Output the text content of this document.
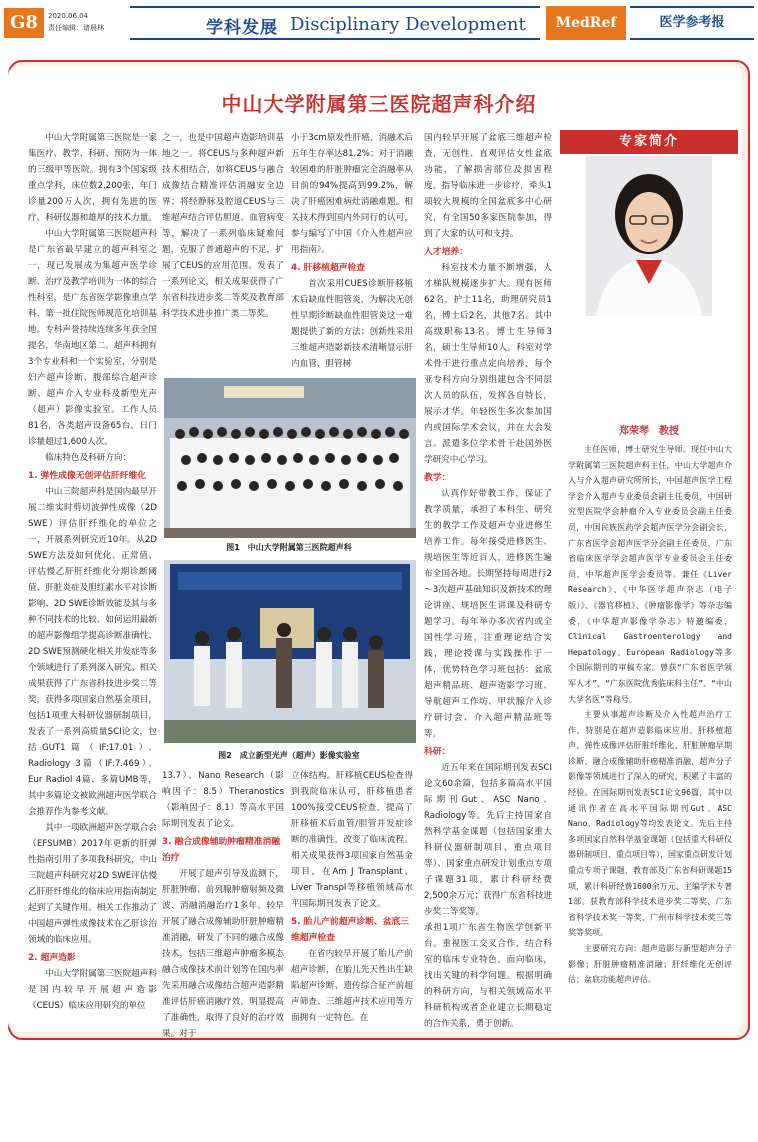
G8	2020.06.04
责任编辑：诸晨林	学科发展 Disciplinary Development	MedRef	医学参考报
中山大学附属第三医院超声科介绍

中山大学附属第三医院是一家集医疗、教学、科研、预防为一体的三级甲等医院。拥有3个国家级重点学科，床位数2,200张，年门诊量200万人次，拥有先进的医疗、科研仪器和雄厚的技术力量。

中山大学附属第三医院超声科是广东省最早建立的超声科室之一，现已发展成为集超声医学诊断、治疗及教学培训为一体的综合性科室，是广东省医学影像重点学科、第一批住院医师规范化培训基地。专科声誉持续连续多年获全国提名，华南地区第二。超声科拥有3个专业科和一个实验室，分别是妇产超声诊断、腹部综合超声诊断、超声介入专业科及新型光声（超声）影像实验室。工作人员81名，各类超声设备65台，日门诊量超过1,600人次。

临床特色及科研方向：

1. 弹性成像无创评估肝纤维化

中山三院超声科是国内最早开展二维实时剪切波弹性成像（2D SWE）评估肝纤维化的单位之一，开展系列研究近10年。从2D SWE方法及如何优化、正常值、评估慢乙肝肝纤维化分期诊断阈值、肝脏炎症及胆红素水平对诊断影响、2D SWE诊断效能及其与多种不同技术的比较、如何运用最新的超声影像组学提高诊断准确性、2D SWE预测硬化相关并发症等多个领域进行了系列深入研究。相关成果获得了广东省科技进步奖二等奖，获得多项国家自然基金项目，包括1项重大科研仪器研制项目，发表了一系列高质量SCI论文，包括GUT1篇（IF:17.01）、Radiology 3篇（IF:7.469）、Eur Radiol 4篇、多篇UMB等，其中多篇论文被欧洲超声医学联合会推荐作为参考文献。

其中一项欧洲超声医学联合会（EFSUMB）2017年更新的肝弹性指南引用了多项我科研究，中山三院超声科研究对2D SWE评估慢乙肝肝纤维化的临床应用指南制定起到了关键作用。相关工作推动了中国超声弹性成像技术在乙肝诊治领域的临床应用。

2. 超声造影

中山大学附属第三医院超声科是国内较早开展超声造影（CEUS）临床应用研究的单位

之一，也是中国超声造影培训基地之一。将CEUS与多种超声新技术相结合，如将CEUS与融合成像结合精准评估消融安全边界；将经静脉及腔道CEUS与三维超声结合评估胆道、血管病变等，解决了一系列临床疑难问题，克服了普通超声的不足，扩展了CEUS的应用范围。发表了一系列论文，相关成果获得了广东省科技进步奖二等奖及教育部科学技术进步推广类二等奖。

小于3cm原发性肝癌，消融术后五年生存率达81.2%；对于消融较困难的肝脏肿瘤完全消融率从目前的94%提高到99.2%，解决了肝癌困难病灶消融难题。相关技术得到国内外同行的认可，参与编写了中国《介入性超声应用指南》。

4. 肝移植超声检查

首次采用CUES诊断肝移植术后缺血性胆管炎，为解决无创性早期诊断缺血性胆管炎这一难题提供了新的方法；创新性采用三维超声造影新技术清晰显示肝内血管、胆管树

图1　中山大学附属第三医院超声科
图2　成立新型光声（超声）影像实验室

13.7）、Nano Research（影响因子：8.5）Theranostics（影响因子：8.1）等高水平国际期刊发表了论文。

3. 融合成像辅助肿瘤精准消融治疗

开展了超声引导及监测下，肝脏肿瘤、前列腺肿瘤射频及微波、消融消融治疗1多年。较早开展了融合成像辅助肝脏肿瘤精准消融，研发了不同的融合成像技术，包括三维超声肿瘤多模态融合成像技术前计划等在国内率先采用融合成像结合超声造影精准评估肝癌消融疗效，明显提高了准确性，取得了良好的治疗效果。对于

立体结构。肝移植CEUS检查得到我院临床认可，肝移植患者100%接受CEUS检查，提高了肝移植术后血管/胆管并发症诊断的准确性，改变了临床流程。相关成果获得3项国家自然基金项目，在Am J Transplant、Liver Transpl等移植领域高水平国际期刊发表了论文。

5. 胎儿产前超声诊断、盆底三维超声检查

在省内较早开展了胎儿产前超声诊断，在胎儿先天性出生缺陷超声诊断、遗传综合征产前超声筛查、三维超声技术应用等方面拥有一定特色。在

国内较早开展了盆底三维超声检查，无创性、直观评估女性盆底功能，了解损害部位及损害程度，指导临床进一步诊疗，牵头1项较大规模的全国盆底多中心研究，有全国50多家医院参加，得到了大家的认可和支持。

人才培养：

科室技术力量不断增强，人才梯队规模逐步扩大。现有医师62名，护士11名，助理研究员1名，博士后2名，其他7名。其中高级职称13名。博士生导师3名，硕士生导师10人。科室对学术骨干进行重点定向培养，每个亚专科方向分别组建包含不同层次人员的队伍，发挥各自特长，展示才华。年轻医生多次参加国内或国际学术会议，并在大会发言。派遣多位学术骨干赴国外医学研究中心学习。

教学：

认真作好带教工作，保证了教学质量，承担了本科生、研究生的教学工作及超声专业进修生培养工作。每年接受进修医生、规培医生等近百人，进修医生遍布全国各地。长期坚持每周进行2～3次超声基础知识及新技术的理论讲座、规培医生讲课及科研专题学习。每年举办多次省内或全国性学习班，注重理论结合实践，理论授课与实践操作于一体，优势特色学习班包括：盆底超声精品班、超声造影学习班、导航超声工作坊、甲状腺介入诊疗研讨会、介入超声精品班等等。

科研：

近五年来在国际期刊发表SCI论文60余篇，包括多篇高水平国际期刊Gut、ASC Nano、Radiology等。先后主持国家自然科学基金课题（包括国家重大科研仪器研制项目、重点项目等）、国家重点研发计划重点专项子课题31项，累计科研经费2,500余万元；获得广东省科技进步奖二等奖等。

承担1项广东省生物医学创新平台。重视医工交叉合作，结合科室的临床专业特色，面向临床，找出关键的科学问题。根据明确的科研方向，与相关领域高水平科研机构或者企业建立长期稳定的合作关系，勇于创新。

专家简介
郑荣琴　教授

主任医师，博士研究生导师。现任中山大学附属第三医院超声科主任，中山大学超声介入与介入超声研究所所长，中国超声医学工程学会介入超声专业委员会副主任委员，中国研究型医院学会肿瘤介入专业委员会副主任委员，中国民族医药学会超声医学分会副会长，广东省医学会超声医学分会副主任委员，广东省临床医学学会超声医学专业委员会主任委员，中华超声医学会委员等。兼任《Liver Research》、《中华医学超声杂志（电子版）》、《器官移植》、《肿瘤影像学》等杂志编委，《中华超声影像学杂志》特邀编委，Clinical Gastroenterology and Hepatology、European Radiology等多个国际期刊的审稿专家。曾获“广东省医学领军人才”、“广东医院优秀临床科主任”、“中山大学名医”等称号。

主要从事超声诊断及介入性超声治疗工作，特别是在超声造影临床应用、肝移植超声、弹性成像评估肝脏纤维化、肝脏肿瘤早期诊断、融合成像辅助肝癌精准消融、超声分子影像等领域进行了深入的研究，积累了丰富的经验。在国际期刊发表SCI论文96篇，其中以通讯作者在高水平国际期刊Gut、ASC Nano、Radiology等均发表论文。先后主持多项国家自然科学基金课题（包括重大科研仪器研制项目、重点项目等），国家重点研发计划重点专项子课题，教育部及广东省科研课题15项，累计科研经费1600余万元，主编学术专著1部。获教育部科学技术进步奖二等奖、广东省科学技术奖一等奖、广州市科学技术奖三等奖等奖项。

主要研究方向：超声造影与新型超声分子影像；肝脏肿瘤精准消融；肝纤维化无创评估；盆底功能超声评估。
